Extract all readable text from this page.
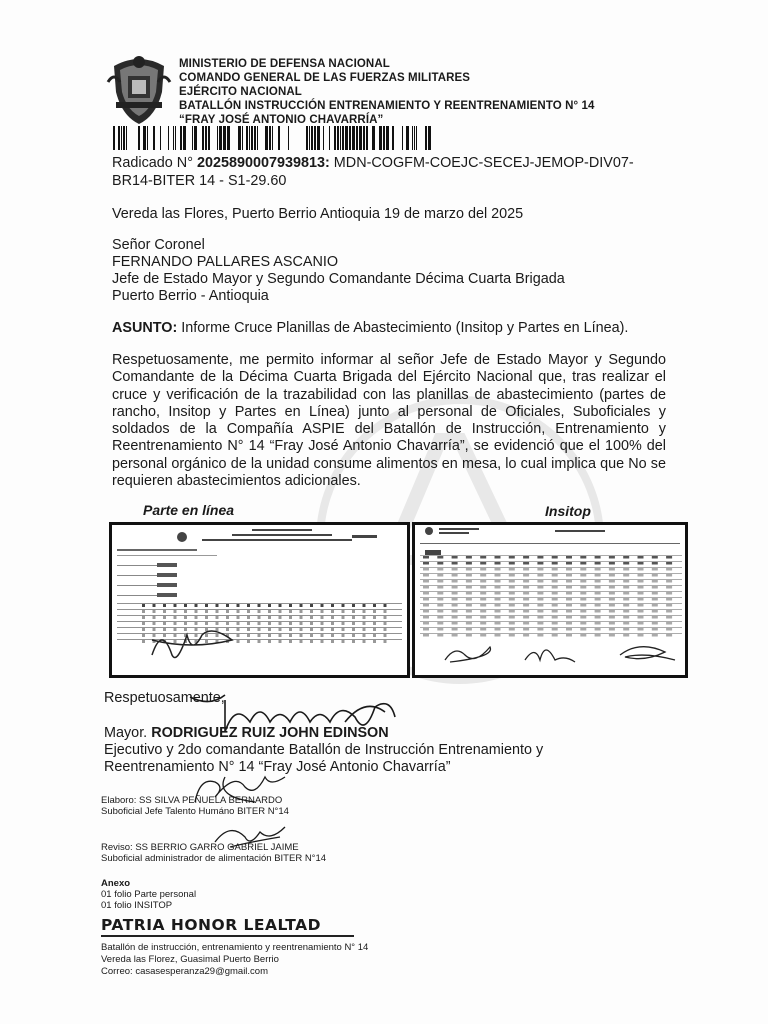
MINISTERIO DE DEFENSA NACIONAL
COMANDO GENERAL DE LAS FUERZAS MILITARES
EJÉRCITO NACIONAL
BATALLÓN INSTRUCCIÓN ENTRENAMIENTO Y REENTRENAMIENTO N° 14
“FRAY JOSÉ ANTONIO CHAVARRÍA”
Radicado N° 2025890007939813: MDN-COGFM-COEJC-SECEJ-JEMOP-DIV07-
BR14-BITER 14 - S1-29.60
Vereda las Flores, Puerto Berrio Antioquia 19 de marzo del 2025
Señor Coronel
FERNANDO PALLARES ASCANIO
Jefe de Estado Mayor y Segundo Comandante Décima Cuarta Brigada
Puerto Berrio - Antioquia
ASUNTO: Informe Cruce Planillas de Abastecimiento (Insitop y Partes en Línea).
Respetuosamente, me permito informar al señor Jefe de Estado Mayor y Segundo Comandante de la Décima Cuarta Brigada del Ejército Nacional que, tras realizar el cruce y verificación de la trazabilidad con las planillas de abastecimiento (partes de rancho, Insitop y Partes en Línea) junto al personal de Oficiales, Suboficiales y soldados de la Compañía ASPIE del Batallón de Instrucción, Entrenamiento y Reentrenamiento N° 14 “Fray José Antonio Chavarría”, se evidenció que el 100% del personal orgánico de la unidad consume alimentos en mesa, lo cual implica que No se requieren abastecimientos adicionales.
Parte en línea	Insitop
Respetuosamente,
Mayor. RODRIGUEZ RUIZ JOHN EDINSON
Ejecutivo y 2do comandante Batallón de Instrucción Entrenamiento y
Reentrenamiento N° 14 “Fray José Antonio Chavarría”
Elaboro: SS SILVA PEÑUELA BERNARDO
Suboficial Jefe Talento Humáno BITER N°14
Reviso: SS BERRIO GARRO GABRIEL JAIME
Suboficial administrador de alimentación BITER N°14
Anexo
01 folio Parte personal
01 folio INSITOP
PATRIA HONOR LEALTAD
Batallón de instrucción, entrenamiento y reentrenamiento N° 14
Vereda las Florez, Guasimal Puerto Berrio
Correo: casasesperanza29@gmail.com
